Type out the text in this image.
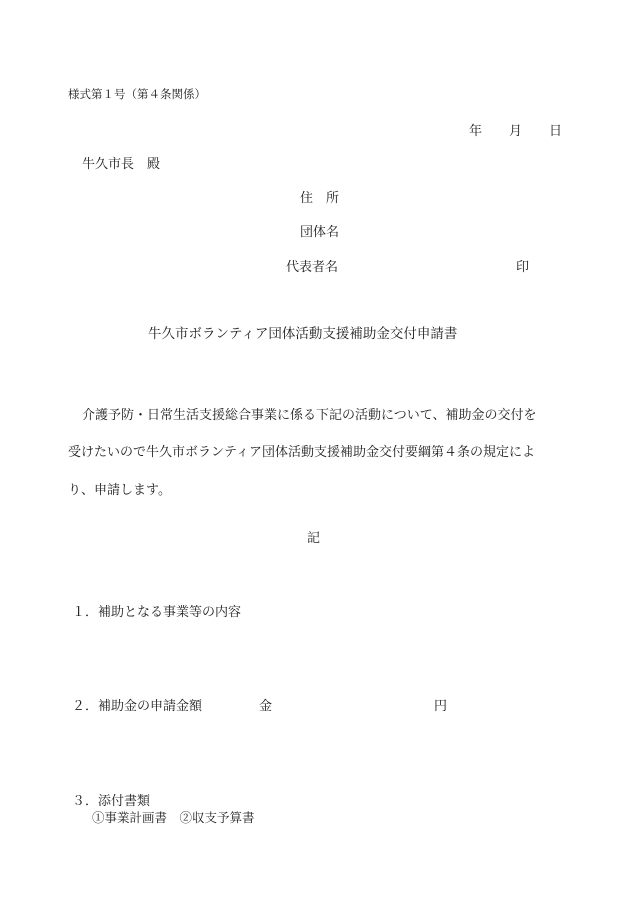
様式第１号（第４条関係）
年 月 日
牛久市長　殿
住　所
団体名
代表者名	印
牛久市ボランティア団体活動支援補助金交付申請書
介護予防・日常生活支援総合事業に係る下記の活動について、補助金の交付を
受けたいので牛久市ボランティア団体活動支援補助金交付要綱第４条の規定によ
り、申請します。
記
１．補助となる事業等の内容
２．補助金の申請金額	金	円
３．添付書類
①事業計画書　②収支予算書
